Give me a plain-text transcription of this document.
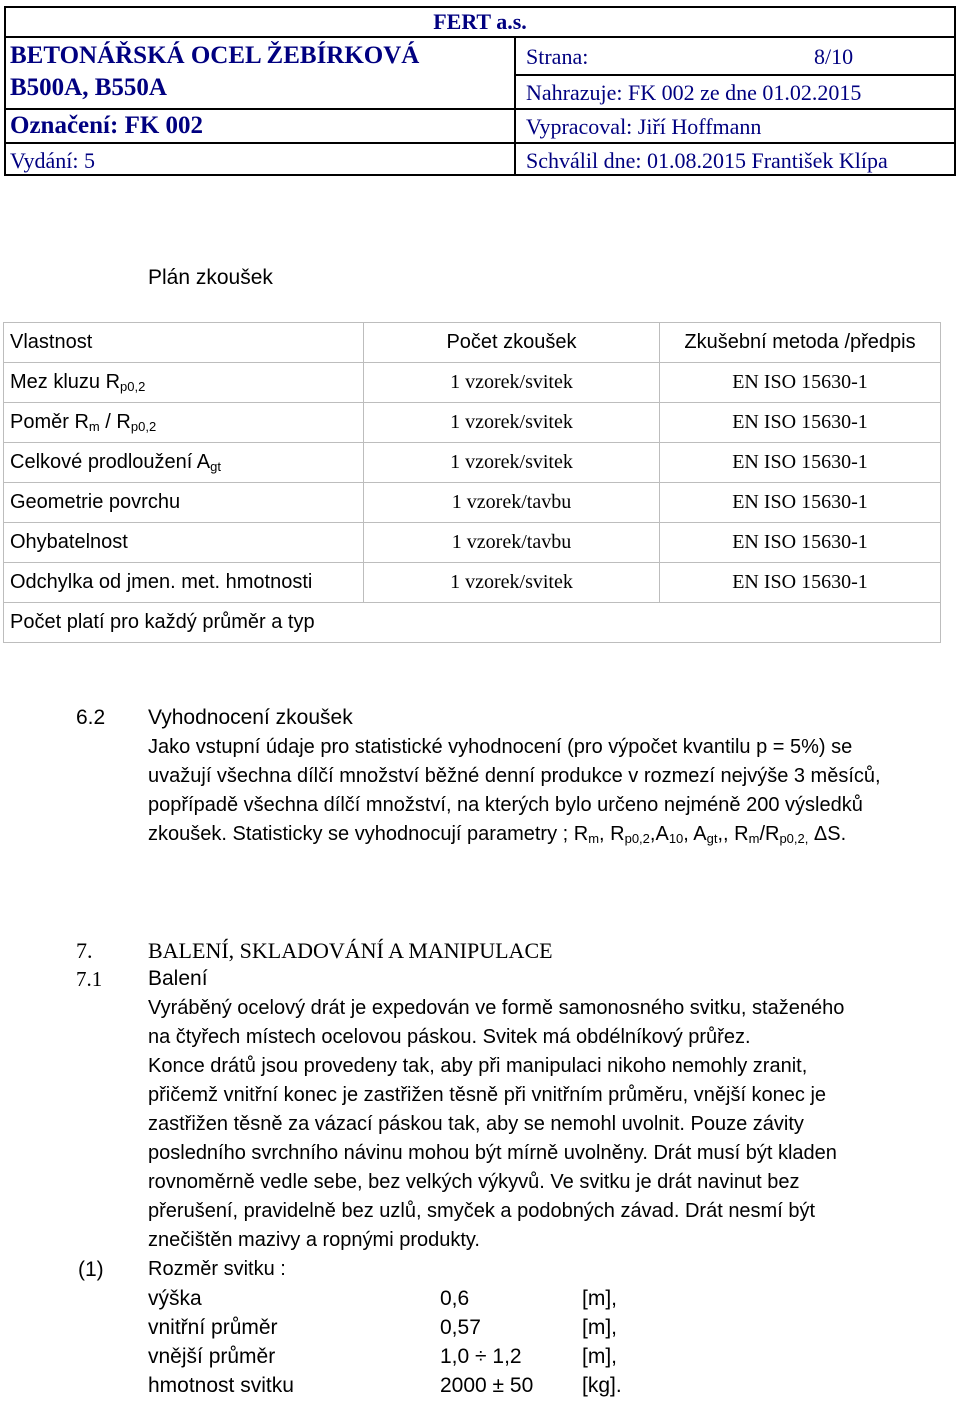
FERT a.s.
BETONÁŘSKÁ OCEL ŽEBÍRKOVÁ
B500A, B550A
Označení: FK 002
Vydání: 5
Strana:	8/10
Nahrazuje: FK 002 ze dne 01.02.2015
Vypracoval: Jiří Hoffmann
Schválil dne: 01.08.2015 František Klípa
Plán zkoušek
Vlastnost	Počet zkoušek	Zkušební metoda /předpis
Mez kluzu $R_{p0,2}$	1 vzorek/svitek	EN ISO 15630-1
Poměr $R_m / R_{p0,2}$	1 vzorek/svitek	EN ISO 15630-1
Celkové prodloužení $A_{gt}$	1 vzorek/svitek	EN ISO 15630-1
Geometrie povrchu	1 vzorek/tavbu	EN ISO 15630-1
Ohybatelnost	1 vzorek/tavbu	EN ISO 15630-1
Odchylka od jmen. met. hmotnosti	1 vzorek/svitek	EN ISO 15630-1
Počet platí pro každý průměr a typ		
6.2 Vyhodnocení zkoušek
Jako vstupní údaje pro statistické vyhodnocení (pro výpočet kvantilu p = 5%) se
uvažují všechna dílčí množství běžné denní produkce v rozmezí nejvýše 3 měsíců,
popřípadě všechna dílčí množství, na kterých bylo určeno nejméně 200 výsledků
zkoušek. Statisticky se vyhodnocují parametry ; $R_m$, $R_{p0,2},A_{10}$, $A_{gt}$,, $R_m/R_{p0,2,}$ ΔS.
7.	BALENÍ, SKLADOVÁNÍ A MANIPULACE
7.1 Balení
Vyráběný ocelový drát je expedován ve formě samonosného svitku, staženého
na čtyřech místech ocelovou páskou. Svitek má obdélníkový průřez.
Konce drátů jsou provedeny tak, aby při manipulaci nikoho nemohly zranit,
přičemž vnitřní konec je zastřižen těsně při vnitřním průměru, vnější konec je
zastřižen těsně za vázací páskou tak, aby se nemohl uvolnit. Pouze závity
posledního svrchního návinu mohou být mírně uvolněny. Drát musí být kladen
rovnoměrně vedle sebe, bez velkých výkyvů. Ve svitku je drát navinut bez
přerušení, pravidelně bez uzlů, smyček a podobných závad. Drát nesmí být
znečištěn mazivy a ropnými produkty.
(1) Rozměr svitku :
výška	0,6	[m],
vnitřní průměr	0,57	[m],
vnější průměr	1,0 ÷ 1,2	[m],
hmotnost svitku	2000 ± 50 [kg].
